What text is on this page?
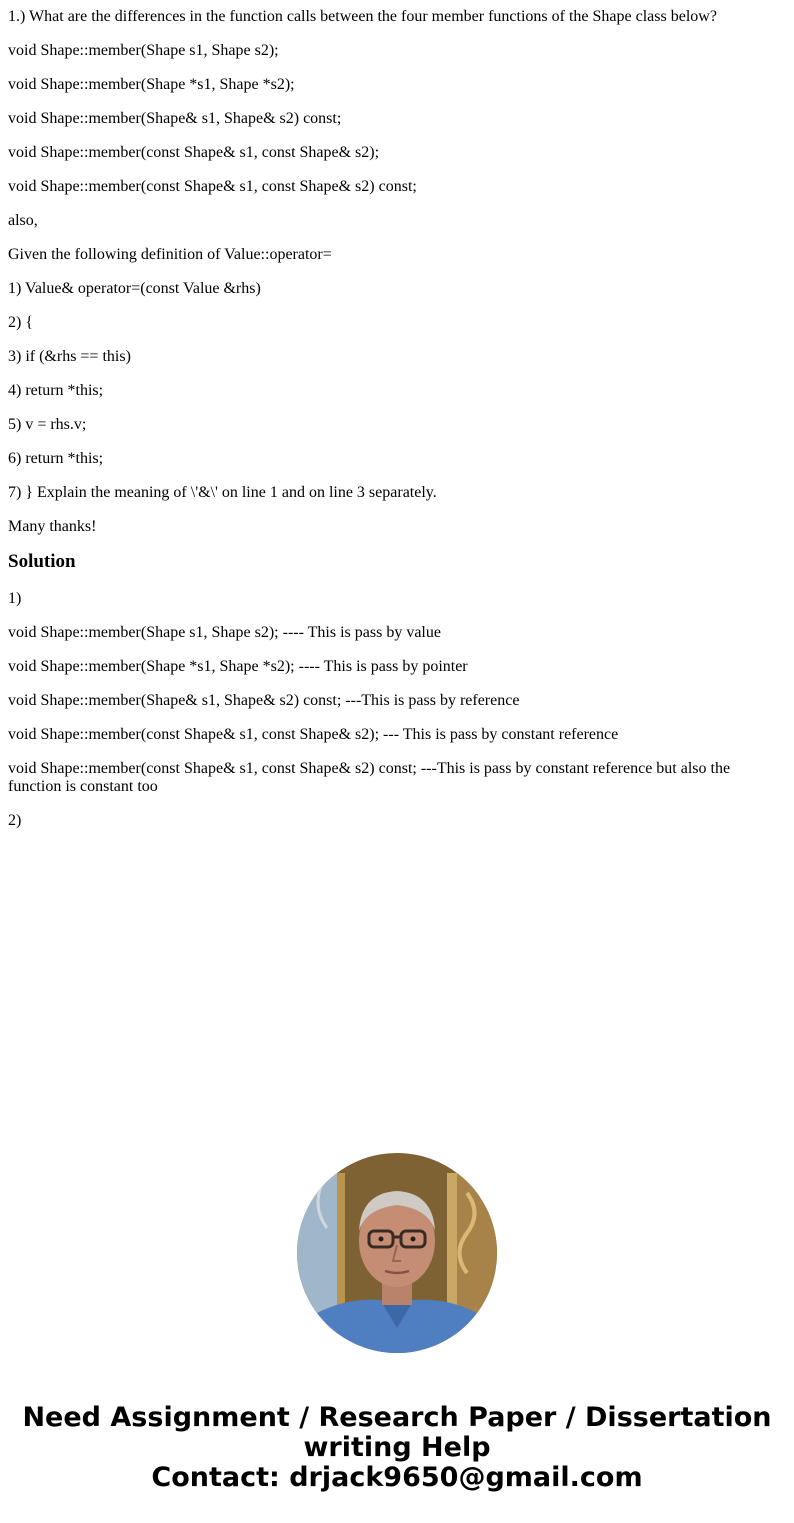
1.) What are the differences in the function calls between the four member functions of the Shape class below?

void Shape::member(Shape s1, Shape s2);

void Shape::member(Shape *s1, Shape *s2);

void Shape::member(Shape& s1, Shape& s2) const;

void Shape::member(const Shape& s1, const Shape& s2);

void Shape::member(const Shape& s1, const Shape& s2) const;

also,

Given the following definition of Value::operator=

1) Value& operator=(const Value &rhs)

2) {

3) if (&rhs == this)

4) return *this;

5) v = rhs.v;

6) return *this;

7) } Explain the meaning of \'&\' on line 1 and on line 3 separately.

Many thanks!

Solution

1)

void Shape::member(Shape s1, Shape s2); ---- This is pass by value

void Shape::member(Shape *s1, Shape *s2); ---- This is pass by pointer

void Shape::member(Shape& s1, Shape& s2) const; ---This is pass by reference

void Shape::member(const Shape& s1, const Shape& s2); --- This is pass by constant reference

void Shape::member(const Shape& s1, const Shape& s2) const; ---This is pass by constant reference but also the function is constant too

2)

Need Assignment / Research Paper / Dissertation
writing Help
Contact: drjack9650@gmail.com
